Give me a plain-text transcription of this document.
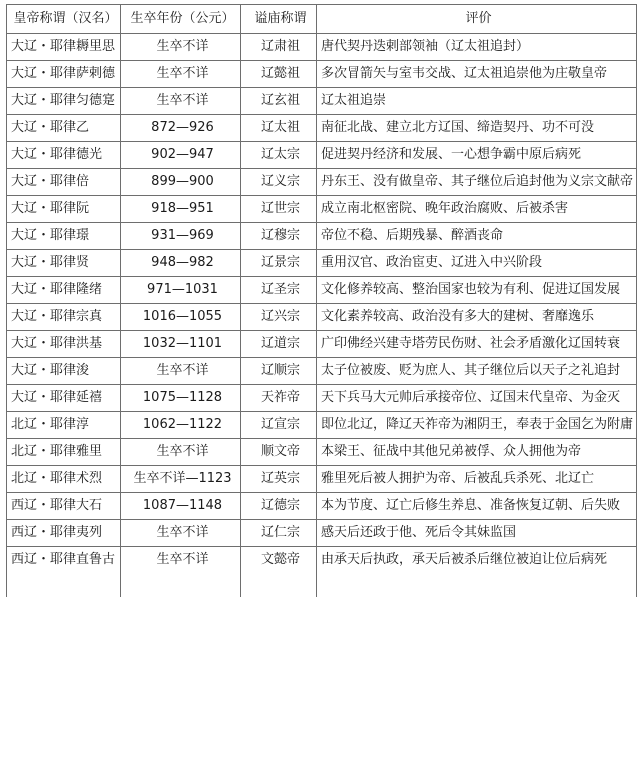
皇帝称谓（汉名）	生卒年份（公元）	谥庙称谓	评价
大辽・耶律耨里思	生卒不详	辽肃祖	唐代契丹迭剌部领袖（辽太祖追封）
大辽・耶律萨剌德	生卒不详	辽懿祖	多次冒箭矢与室韦交战、辽太祖追崇他为庄敬皇帝
大辽・耶律匀德寔	生卒不详	辽玄祖	辽太祖追崇
大辽・耶律乙	872—926	辽太祖	南征北战、建立北方辽国、缔造契丹、功不可没
大辽・耶律德光	902—947	辽太宗	促进契丹经济和发展、一心想争霸中原后病死
大辽・耶律倍	899—900	辽义宗	丹东王、没有做皇帝、其子继位后追封他为义宗文献帝
大辽・耶律阮	918—951	辽世宗	成立南北枢密院、晚年政治腐败、后被杀害
大辽・耶律璟	931—969	辽穆宗	帝位不稳、后期残暴、醉酒丧命
大辽・耶律贤	948—982	辽景宗	重用汉官、政治宦吏、辽进入中兴阶段
大辽・耶律隆绪	971—1031	辽圣宗	文化修养较高、整治国家也较为有利、促进辽国发展
大辽・耶律宗真	1016—1055	辽兴宗	文化素养较高、政治没有多大的建树、奢靡逸乐
大辽・耶律洪基	1032—1101	辽道宗	广印佛经兴建寺塔劳民伤财、社会矛盾激化辽国转衰
大辽・耶律浚	生卒不详	辽顺宗	太子位被废、贬为庶人、其子继位后以天子之礼追封
大辽・耶律延禧	1075—1128	天祚帝	天下兵马大元帅后承接帝位、辽国末代皇帝、为金灭
北辽・耶律淳	1062—1122	辽宣宗	即位北辽，降辽天祚帝为湘阴王，奉表于金国乞为附庸
北辽・耶律雅里	生卒不详	顺文帝	本梁王、征战中其他兄弟被俘、众人拥他为帝
北辽・耶律术烈	生卒不详—1123	辽英宗	雅里死后被人拥护为帝、后被乱兵杀死、北辽亡
西辽・耶律大石	1087—1148	辽德宗	本为节度、辽亡后修生养息、准备恢复辽朝、后失败
西辽・耶律夷列	生卒不详	辽仁宗	感天后还政于他、死后令其妹监国
西辽・耶律直鲁古	生卒不详	文懿帝	由承天后执政，承天后被杀后继位被迫让位后病死
